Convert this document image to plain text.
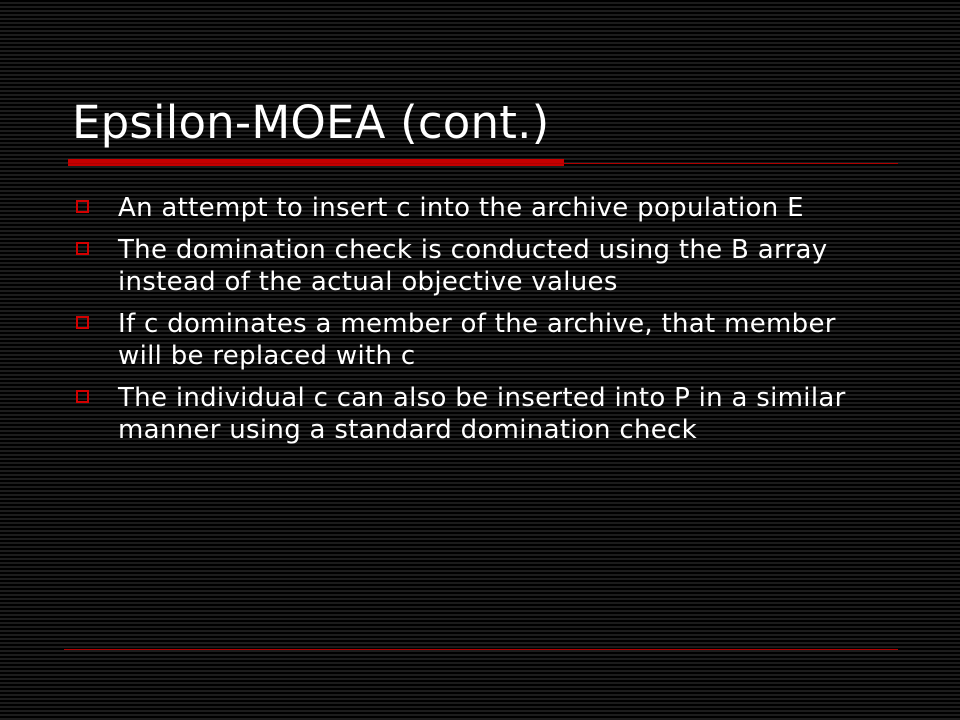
Epsilon-MOEA (cont.)
An attempt to insert c into the archive population E
The domination check is conducted using the B array instead of the actual objective values
If c dominates a member of the archive, that member will be replaced with c
The individual c can also be inserted into P in a similar manner using a standard domination check
